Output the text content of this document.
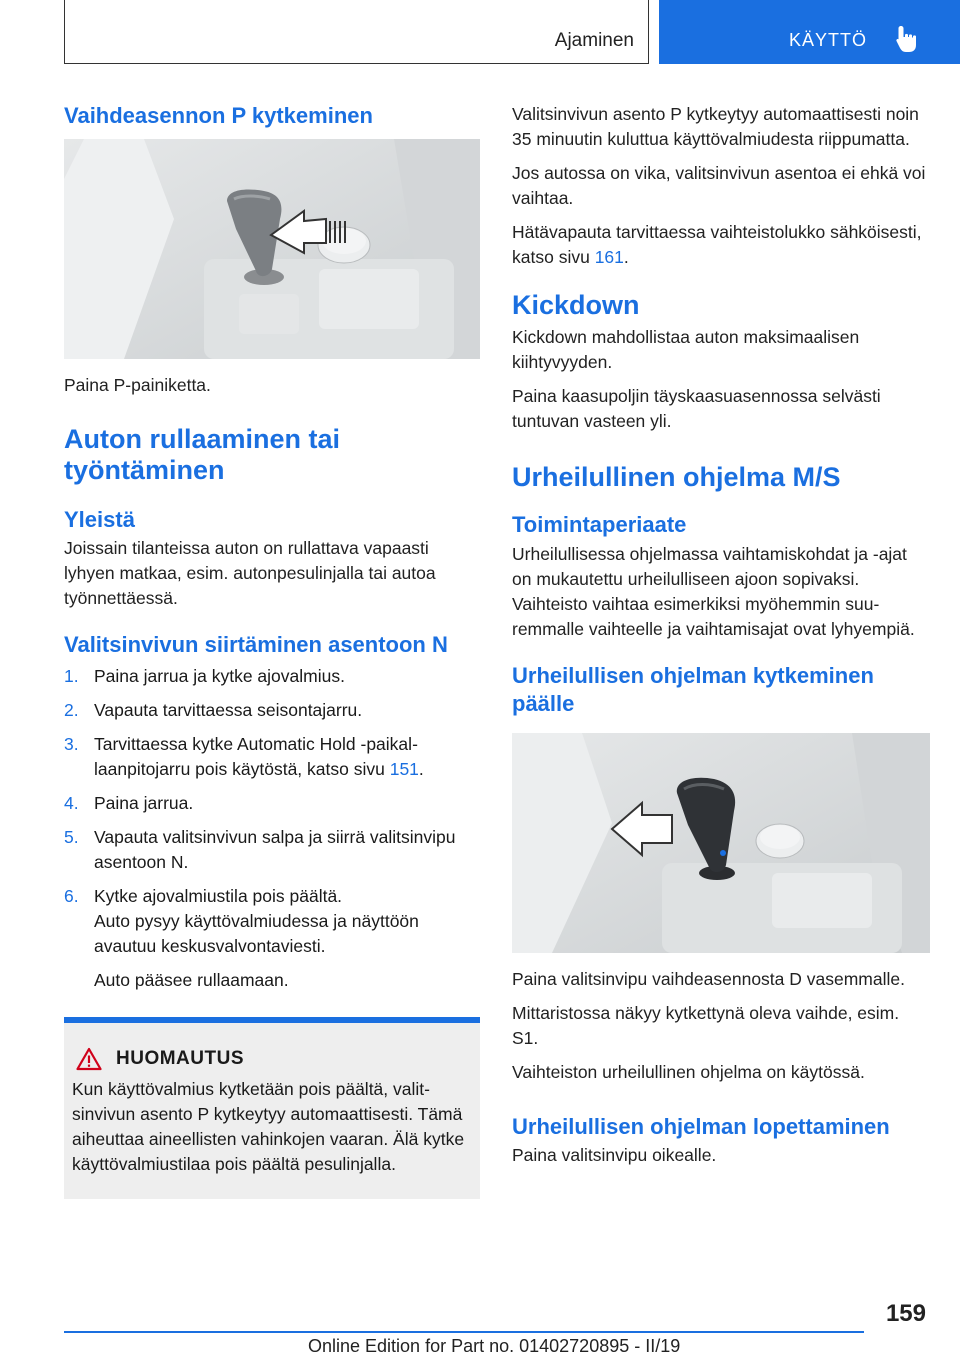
Ajaminen	KÄYTTÖ
Vaihdeasennon P kytkeminen

Paina P-painiketta.

Auton rullaaminen tai työntäminen
Yleistä

Joissain tilanteissa auton on rullattava vapaasti lyhyen matkaa, esim. autonpesulinjalla tai autoa työnnettäessä.

Valitsinvivun siirtäminen asentoon N
1. Paina jarrua ja kytke ajovalmius.
2. Vapauta tarvittaessa seisontajarru.
3. Tarvittaessa kytke Automatic Hold -paikallaanpitojarru pois käytöstä, katso sivu 151.
4. Paina jarrua.
5. Vapauta valitsinvivun salpa ja siirrä valitsinvipu asentoon N.
6. Kytke ajovalmiustila pois päältä.

Auto pysyy käyttövalmiudessa ja näyttöön avautuu keskusvalvontaviesti.

Auto pääsee rullaamaan.

HUOMAUTUS

Kun käyttövalmius kytketään pois päältä, valitsinvivun asento P kytkeytyy automaattisesti. Tämä aiheuttaa aineellisten vahinkojen vaaran. Älä kytke käyttövalmiustilaa pois päältä pesulinjalla.

Valitsinvivun asento P kytkeytyy automaattisesti noin 35 minuutin kuluttua käyttövalmiudesta riippumatta.

Jos autossa on vika, valitsinvivun asentoa ei ehkä voi vaihtaa.

Hätävapauta tarvittaessa vaihteistolukko sähköisesti, katso sivu 161.

Kickdown

Kickdown mahdollistaa auton maksimaalisen kiihtyvyyden.

Paina kaasupoljin täyskaasuasennossa selvästi tuntuvan vasteen yli.

Urheilullinen ohjelma M/S
Toimintaperiaate

Urheilullisessa ohjelmassa vaihtamiskohdat ja -ajat on mukautettu urheilulliseen ajoon sopivaksi. Vaihteisto vaihtaa esimerkiksi myöhemmin suuremmalle vaihteelle ja vaihtamisajat ovat lyhyempiä.

Urheilullisen ohjelman kytkeminen päälle

Paina valitsinvipu vaihdeasennosta D vasemmalle.

Mittaristossa näkyy kytkettynä oleva vaihde, esim. S1.

Vaihteiston urheilullinen ohjelma on käytössä.

Urheilullisen ohjelman lopettaminen

Paina valitsinvipu oikealle.

159
Online Edition for Part no. 01402720895 - II/19
